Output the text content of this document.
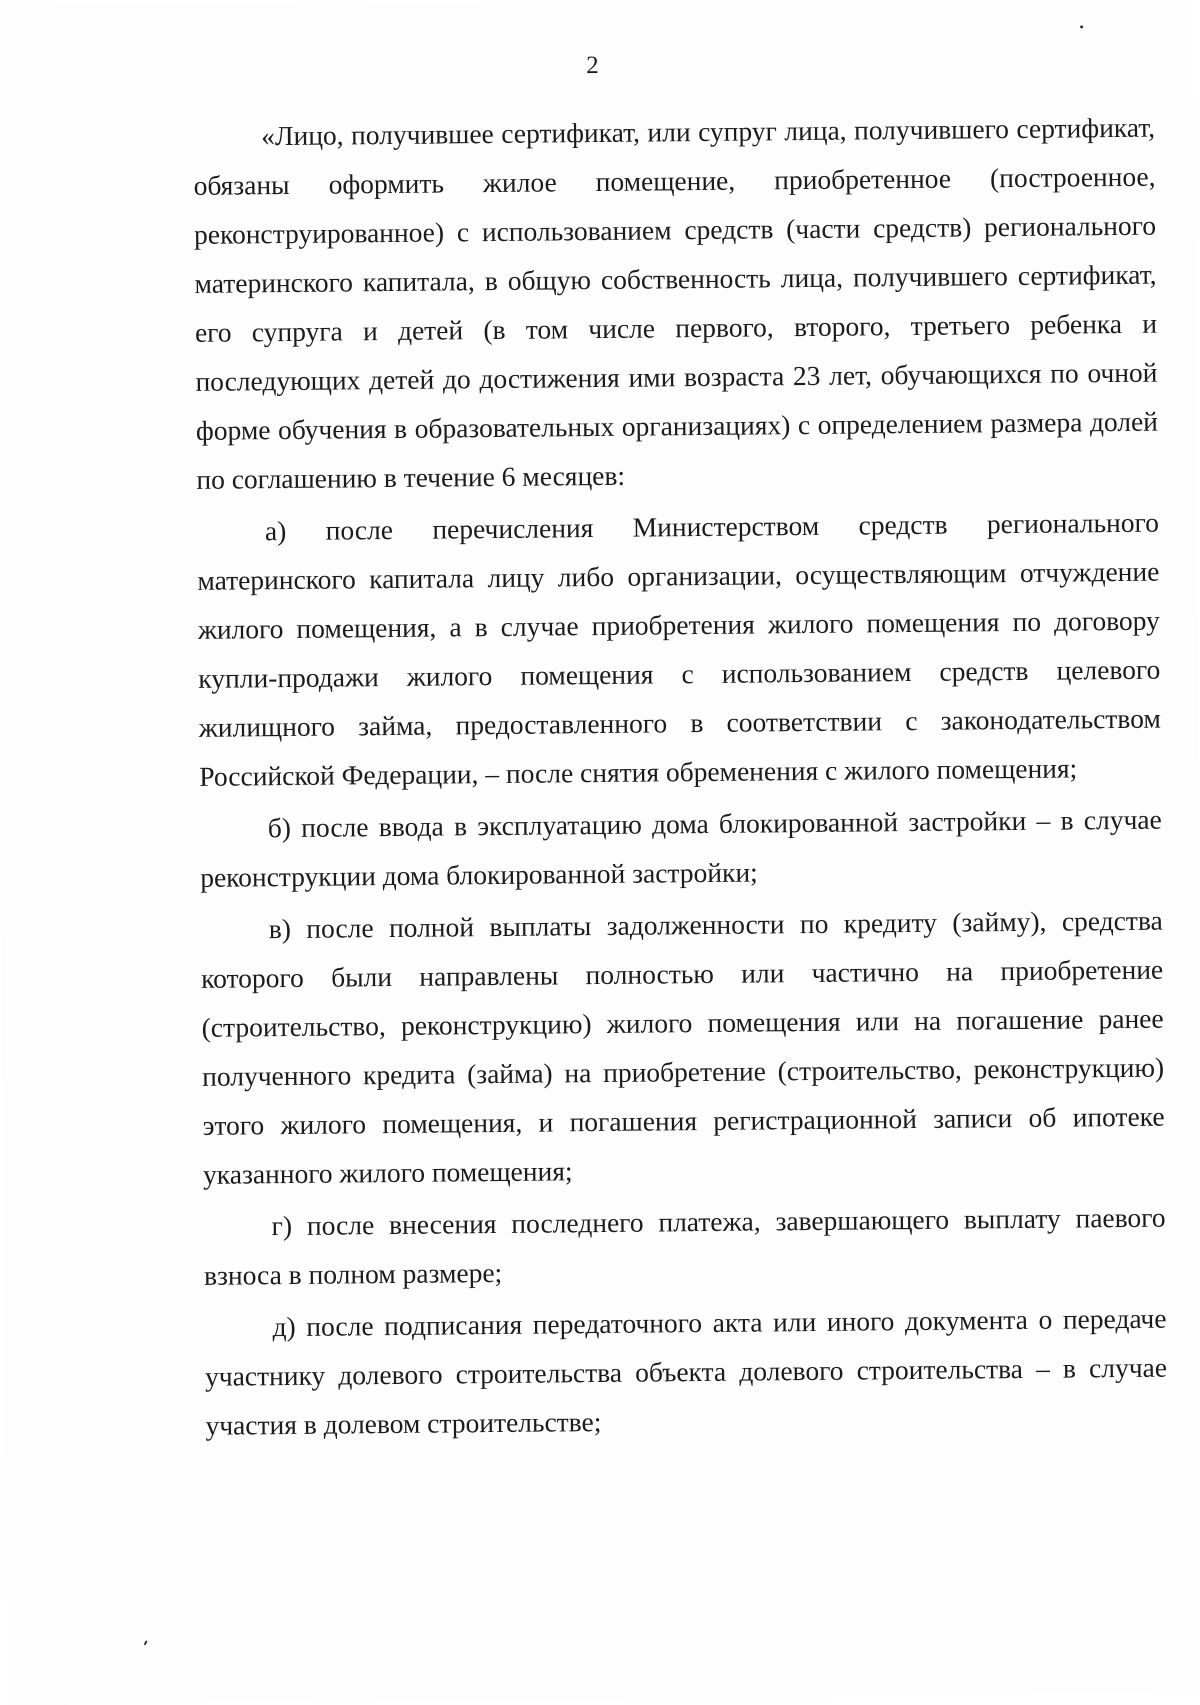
2

«Лицо, получившее сертификат, или супруг лица, получившего сертификат, обязаны оформить жилое помещение, приобретенное (построенное, реконструированное) с использованием средств (части средств) регионального материнского капитала, в общую собственность лица, получившего сертификат, его супруга и детей (в том числе первого, второго, третьего ребенка и последующих детей до достижения ими возраста 23 лет, обучающихся по очной форме обучения в образовательных организациях) с определением размера долей по соглашению в течение 6 месяцев:

а) после перечисления Министерством средств регионального материнского капитала лицу либо организации, осуществляющим отчуждение жилого помещения, а в случае приобретения жилого помещения по договору купли-продажи жилого помещения с использованием средств целевого жилищного займа, предоставленного в соответствии с законодательством Российской Федерации, – после снятия обременения с жилого помещения;

б) после ввода в эксплуатацию дома блокированной застройки – в случае реконструкции дома блокированной застройки;

в) после полной выплаты задолженности по кредиту (займу), средства которого были направлены полностью или частично на приобретение (строительство, реконструкцию) жилого помещения или на погашение ранее полученного кредита (займа) на приобретение (строительство, реконструкцию) этого жилого помещения, и погашения регистрационной записи об ипотеке указанного жилого помещения;

г) после внесения последнего платежа, завершающего выплату паевого взноса в полном размере;

д) после подписания передаточного акта или иного документа о передаче участнику долевого строительства объекта долевого строительства – в случае участия в долевом строительстве;
